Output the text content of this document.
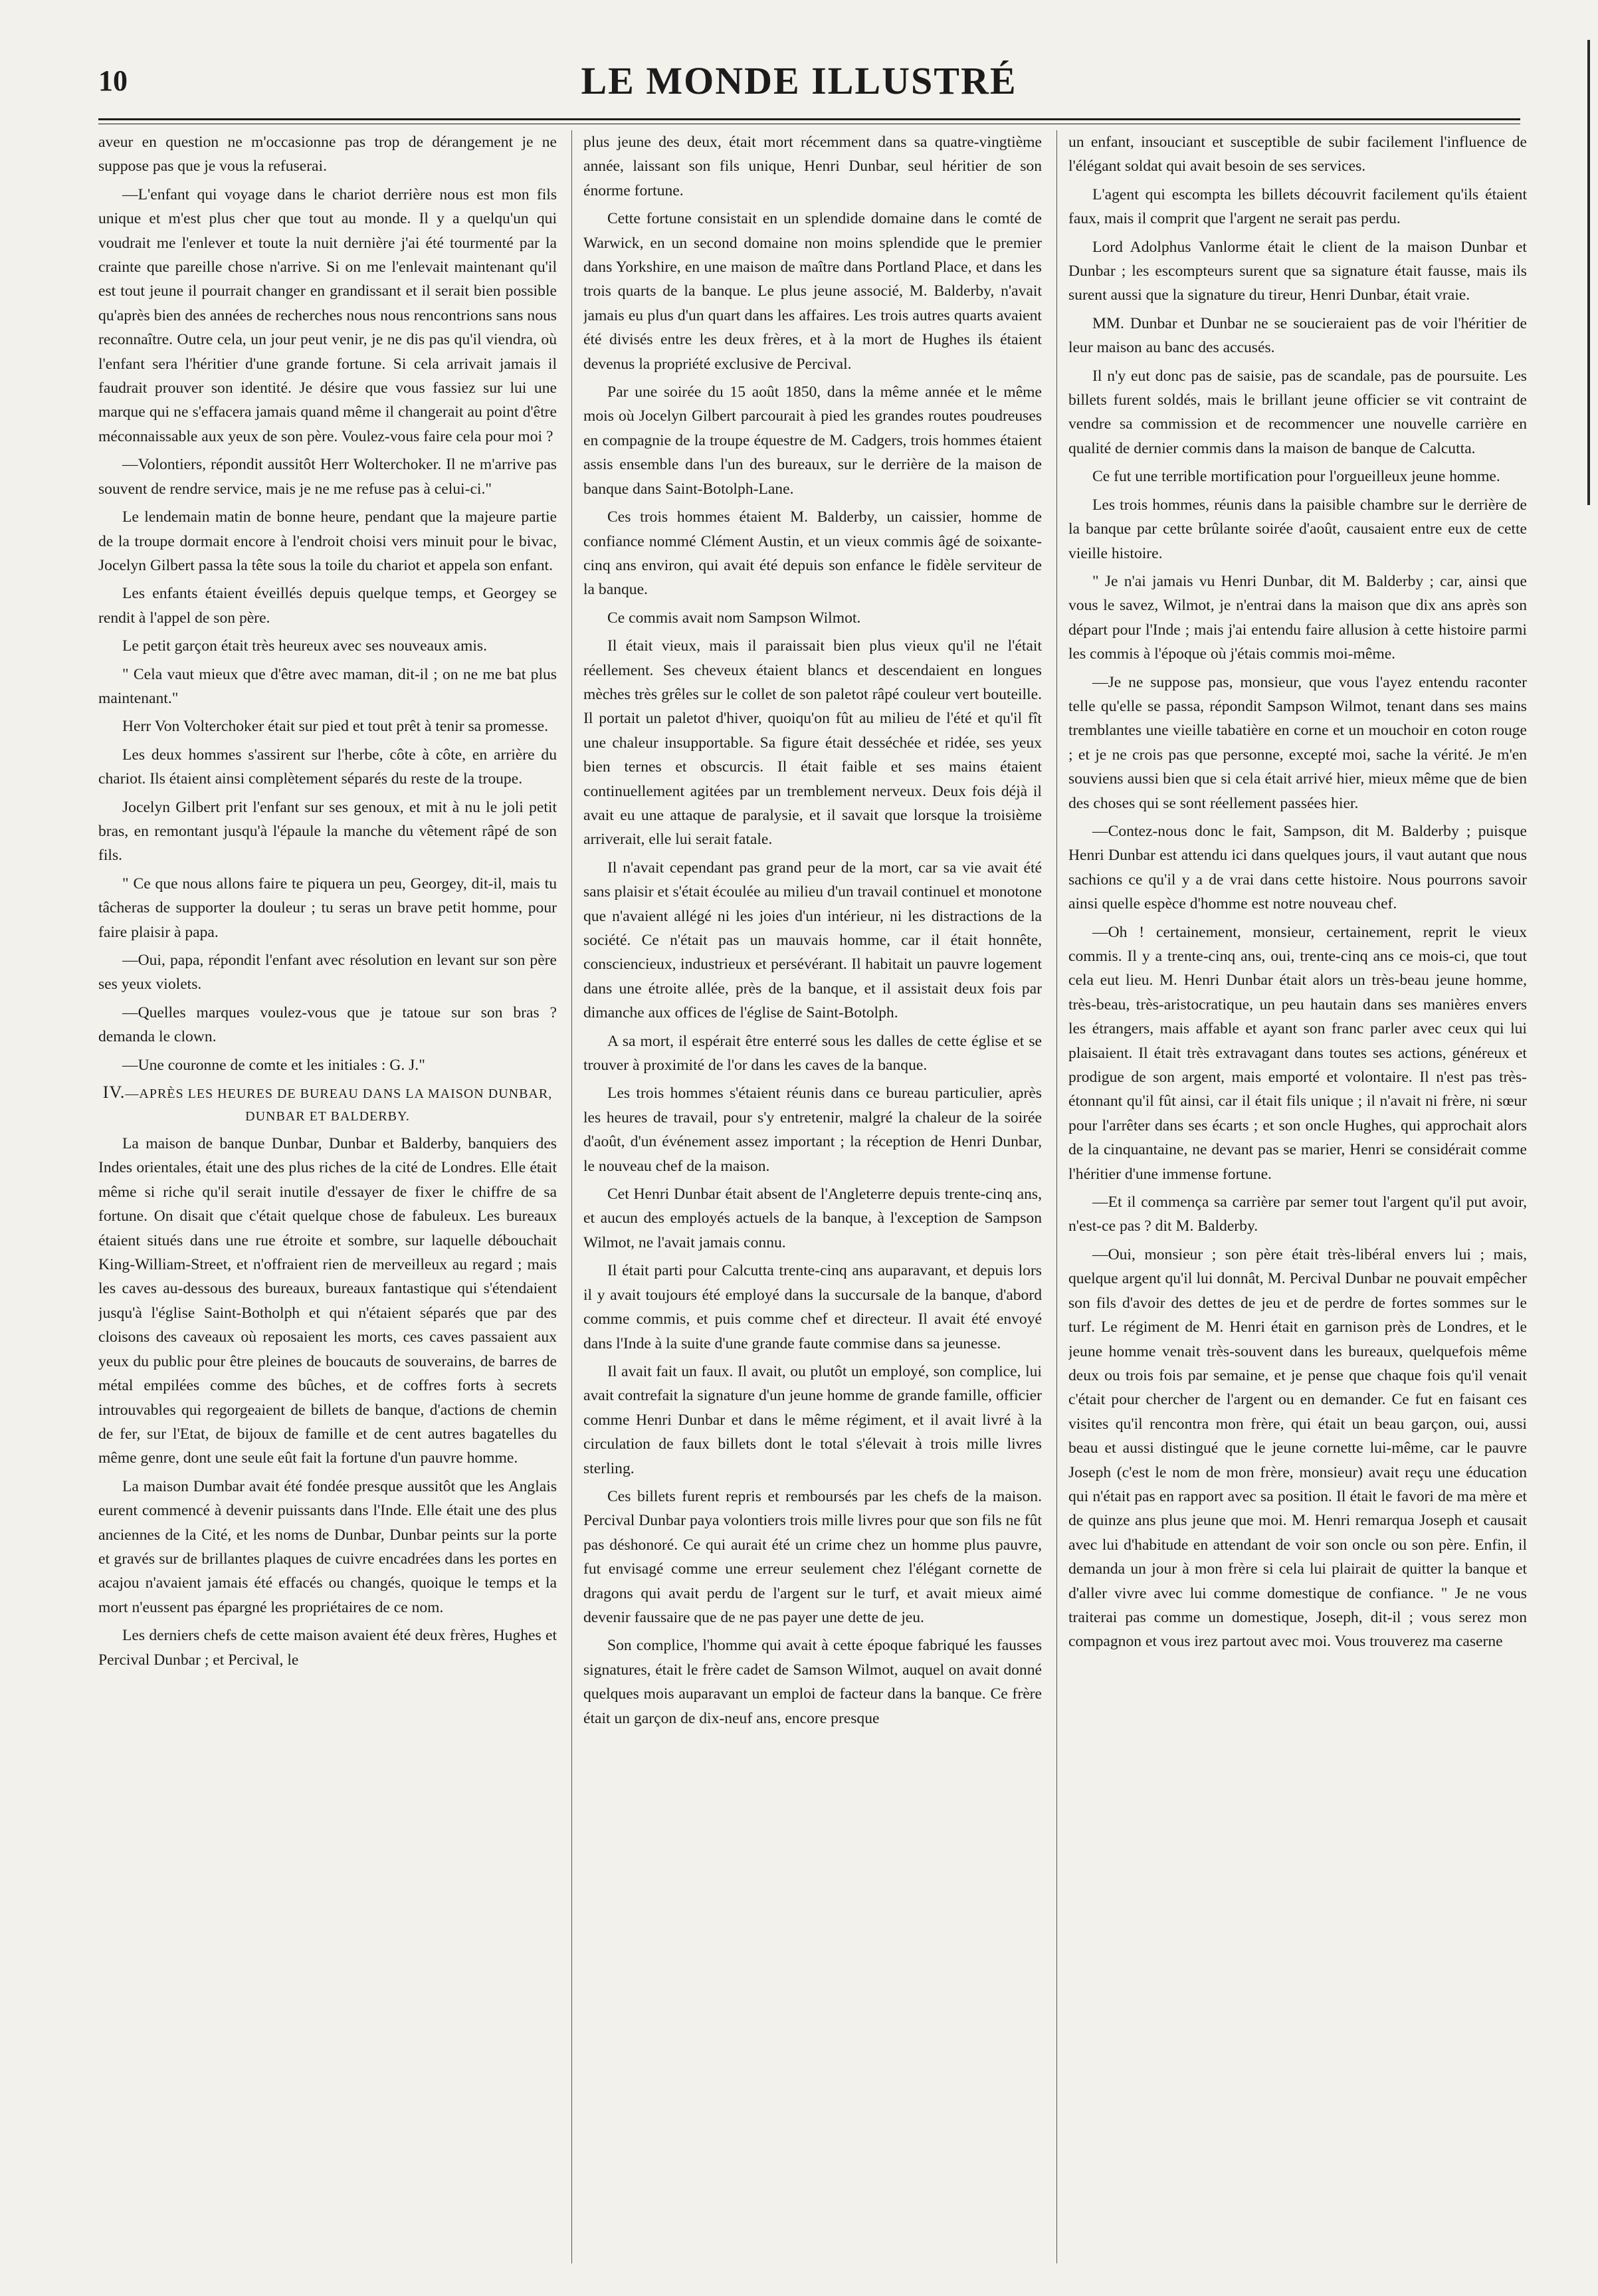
10	LE MONDE ILLUSTRÉ

aveur en question ne m'occasionne pas trop de dérangement je ne suppose pas que je vous la refuserai.

—L'enfant qui voyage dans le chariot derrière nous est mon fils unique et m'est plus cher que tout au monde. Il y a quelqu'un qui voudrait me l'enlever et toute la nuit dernière j'ai été tourmenté par la crainte que pareille chose n'arrive. Si on me l'enlevait maintenant qu'il est tout jeune il pourrait changer en grandissant et il serait bien possible qu'après bien des années de recherches nous nous rencontrions sans nous reconnaître. Outre cela, un jour peut venir, je ne dis pas qu'il viendra, où l'enfant sera l'héritier d'une grande fortune. Si cela arrivait jamais il faudrait prouver son identité. Je désire que vous fassiez sur lui une marque qui ne s'effacera jamais quand même il changerait au point d'être méconnaissable aux yeux de son père. Voulez-vous faire cela pour moi ?

—Volontiers, répondit aussitôt Herr Wolterchoker. Il ne m'arrive pas souvent de rendre service, mais je ne me refuse pas à celui-ci."

Le lendemain matin de bonne heure, pendant que la majeure partie de la troupe dormait encore à l'endroit choisi vers minuit pour le bivac, Jocelyn Gilbert passa la tête sous la toile du chariot et appela son enfant.

Les enfants étaient éveillés depuis quelque temps, et Georgey se rendit à l'appel de son père.

Le petit garçon était très heureux avec ses nouveaux amis.

" Cela vaut mieux que d'être avec maman, dit-il ; on ne me bat plus maintenant."

Herr Von Volterchoker était sur pied et tout prêt à tenir sa promesse.

Les deux hommes s'assirent sur l'herbe, côte à côte, en arrière du chariot. Ils étaient ainsi complètement séparés du reste de la troupe.

Jocelyn Gilbert prit l'enfant sur ses genoux, et mit à nu le joli petit bras, en remontant jusqu'à l'épaule la manche du vêtement râpé de son fils.

" Ce que nous allons faire te piquera un peu, Georgey, dit-il, mais tu tâcheras de supporter la douleur ; tu seras un brave petit homme, pour faire plaisir à papa.

—Oui, papa, répondit l'enfant avec résolution en levant sur son père ses yeux violets.

—Quelles marques voulez-vous que je tatoue sur son bras ? demanda le clown.

—Une couronne de comte et les initiales : G. J."

IV.—APRÈS LES HEURES DE BUREAU DANS LA MAISON DUNBAR, DUNBAR ET BALDERBY.

La maison de banque Dunbar, Dunbar et Balderby, banquiers des Indes orientales, était une des plus riches de la cité de Londres. Elle était même si riche qu'il serait inutile d'essayer de fixer le chiffre de sa fortune. On disait que c'était quelque chose de fabuleux. Les bureaux étaient situés dans une rue étroite et sombre, sur laquelle débouchait King-William-Street, et n'offraient rien de merveilleux au regard ; mais les caves au-dessous des bureaux, bureaux fantastique qui s'étendaient jusqu'à l'église Saint-Botholph et qui n'étaient séparés que par des cloisons des caveaux où reposaient les morts, ces caves passaient aux yeux du public pour être pleines de boucauts de souverains, de barres de métal empilées comme des bûches, et de coffres forts à secrets introuvables qui regorgeaient de billets de banque, d'actions de chemin de fer, sur l'Etat, de bijoux de famille et de cent autres bagatelles du même genre, dont une seule eût fait la fortune d'un pauvre homme.

La maison Dumbar avait été fondée presque aussitôt que les Anglais eurent commencé à devenir puissants dans l'Inde. Elle était une des plus anciennes de la Cité, et les noms de Dunbar, Dunbar peints sur la porte et gravés sur de brillantes plaques de cuivre encadrées dans les portes en acajou n'avaient jamais été effacés ou changés, quoique le temps et la mort n'eussent pas épargné les propriétaires de ce nom.

Les derniers chefs de cette maison avaient été deux frères, Hughes et Percival Dunbar ; et Percival, le

plus jeune des deux, était mort récemment dans sa quatre-vingtième année, laissant son fils unique, Henri Dunbar, seul héritier de son énorme fortune.

Cette fortune consistait en un splendide domaine dans le comté de Warwick, en un second domaine non moins splendide que le premier dans Yorkshire, en une maison de maître dans Portland Place, et dans les trois quarts de la banque. Le plus jeune associé, M. Balderby, n'avait jamais eu plus d'un quart dans les affaires. Les trois autres quarts avaient été divisés entre les deux frères, et à la mort de Hughes ils étaient devenus la propriété exclusive de Percival.

Par une soirée du 15 août 1850, dans la même année et le même mois où Jocelyn Gilbert parcourait à pied les grandes routes poudreuses en compagnie de la troupe équestre de M. Cadgers, trois hommes étaient assis ensemble dans l'un des bureaux, sur le derrière de la maison de banque dans Saint-Botolph-Lane.

Ces trois hommes étaient M. Balderby, un caissier, homme de confiance nommé Clément Austin, et un vieux commis âgé de soixante-cinq ans environ, qui avait été depuis son enfance le fidèle serviteur de la banque.

Ce commis avait nom Sampson Wilmot.

Il était vieux, mais il paraissait bien plus vieux qu'il ne l'était réellement. Ses cheveux étaient blancs et descendaient en longues mèches très grêles sur le collet de son paletot râpé couleur vert bouteille. Il portait un paletot d'hiver, quoiqu'on fût au milieu de l'été et qu'il fît une chaleur insupportable. Sa figure était desséchée et ridée, ses yeux bien ternes et obscurcis. Il était faible et ses mains étaient continuellement agitées par un tremblement nerveux. Deux fois déjà il avait eu une attaque de paralysie, et il savait que lorsque la troisième arriverait, elle lui serait fatale.

Il n'avait cependant pas grand peur de la mort, car sa vie avait été sans plaisir et s'était écoulée au milieu d'un travail continuel et monotone que n'avaient allégé ni les joies d'un intérieur, ni les distractions de la société. Ce n'était pas un mauvais homme, car il était honnête, consciencieux, industrieux et persévérant. Il habitait un pauvre logement dans une étroite allée, près de la banque, et il assistait deux fois par dimanche aux offices de l'église de Saint-Botolph.

A sa mort, il espérait être enterré sous les dalles de cette église et se trouver à proximité de l'or dans les caves de la banque.

Les trois hommes s'étaient réunis dans ce bureau particulier, après les heures de travail, pour s'y entretenir, malgré la chaleur de la soirée d'août, d'un événement assez important ; la réception de Henri Dunbar, le nouveau chef de la maison.

Cet Henri Dunbar était absent de l'Angleterre depuis trente-cinq ans, et aucun des employés actuels de la banque, à l'exception de Sampson Wilmot, ne l'avait jamais connu.

Il était parti pour Calcutta trente-cinq ans auparavant, et depuis lors il y avait toujours été employé dans la succursale de la banque, d'abord comme commis, et puis comme chef et directeur. Il avait été envoyé dans l'Inde à la suite d'une grande faute commise dans sa jeunesse.

Il avait fait un faux. Il avait, ou plutôt un employé, son complice, lui avait contrefait la signature d'un jeune homme de grande famille, officier comme Henri Dunbar et dans le même régiment, et il avait livré à la circulation de faux billets dont le total s'élevait à trois mille livres sterling.

Ces billets furent repris et remboursés par les chefs de la maison. Percival Dunbar paya volontiers trois mille livres pour que son fils ne fût pas déshonoré. Ce qui aurait été un crime chez un homme plus pauvre, fut envisagé comme une erreur seulement chez l'élégant cornette de dragons qui avait perdu de l'argent sur le turf, et avait mieux aimé devenir faussaire que de ne pas payer une dette de jeu.

Son complice, l'homme qui avait à cette époque fabriqué les fausses signatures, était le frère cadet de Samson Wilmot, auquel on avait donné quelques mois auparavant un emploi de facteur dans la banque. Ce frère était un garçon de dix-neuf ans, encore presque

un enfant, insouciant et susceptible de subir facilement l'influence de l'élégant soldat qui avait besoin de ses services.

L'agent qui escompta les billets découvrit facilement qu'ils étaient faux, mais il comprit que l'argent ne serait pas perdu.

Lord Adolphus Vanlorme était le client de la maison Dunbar et Dunbar ; les escompteurs surent que sa signature était fausse, mais ils surent aussi que la signature du tireur, Henri Dunbar, était vraie.

MM. Dunbar et Dunbar ne se soucieraient pas de voir l'héritier de leur maison au banc des accusés.

Il n'y eut donc pas de saisie, pas de scandale, pas de poursuite. Les billets furent soldés, mais le brillant jeune officier se vit contraint de vendre sa commission et de recommencer une nouvelle carrière en qualité de dernier commis dans la maison de banque de Calcutta.

Ce fut une terrible mortification pour l'orgueilleux jeune homme.

Les trois hommes, réunis dans la paisible chambre sur le derrière de la banque par cette brûlante soirée d'août, causaient entre eux de cette vieille histoire.

" Je n'ai jamais vu Henri Dunbar, dit M. Balderby ; car, ainsi que vous le savez, Wilmot, je n'entrai dans la maison que dix ans après son départ pour l'Inde ; mais j'ai entendu faire allusion à cette histoire parmi les commis à l'époque où j'étais commis moi-même.

—Je ne suppose pas, monsieur, que vous l'ayez entendu raconter telle qu'elle se passa, répondit Sampson Wilmot, tenant dans ses mains tremblantes une vieille tabatière en corne et un mouchoir en coton rouge ; et je ne crois pas que personne, excepté moi, sache la vérité. Je m'en souviens aussi bien que si cela était arrivé hier, mieux même que de bien des choses qui se sont réellement passées hier.

—Contez-nous donc le fait, Sampson, dit M. Balderby ; puisque Henri Dunbar est attendu ici dans quelques jours, il vaut autant que nous sachions ce qu'il y a de vrai dans cette histoire. Nous pourrons savoir ainsi quelle espèce d'homme est notre nouveau chef.

—Oh ! certainement, monsieur, certainement, reprit le vieux commis. Il y a trente-cinq ans, oui, trente-cinq ans ce mois-ci, que tout cela eut lieu. M. Henri Dunbar était alors un très-beau jeune homme, très-beau, très-aristocratique, un peu hautain dans ses manières envers les étrangers, mais affable et ayant son franc parler avec ceux qui lui plaisaient. Il était très extravagant dans toutes ses actions, généreux et prodigue de son argent, mais emporté et volontaire. Il n'est pas très-étonnant qu'il fût ainsi, car il était fils unique ; il n'avait ni frère, ni sœur pour l'arrêter dans ses écarts ; et son oncle Hughes, qui approchait alors de la cinquantaine, ne devant pas se marier, Henri se considérait comme l'héritier d'une immense fortune.

—Et il commença sa carrière par semer tout l'argent qu'il put avoir, n'est-ce pas ? dit M. Balderby.

—Oui, monsieur ; son père était très-libéral envers lui ; mais, quelque argent qu'il lui donnât, M. Percival Dunbar ne pouvait empêcher son fils d'avoir des dettes de jeu et de perdre de fortes sommes sur le turf. Le régiment de M. Henri était en garnison près de Londres, et le jeune homme venait très-souvent dans les bureaux, quelquefois même deux ou trois fois par semaine, et je pense que chaque fois qu'il venait c'était pour chercher de l'argent ou en demander. Ce fut en faisant ces visites qu'il rencontra mon frère, qui était un beau garçon, oui, aussi beau et aussi distingué que le jeune cornette lui-même, car le pauvre Joseph (c'est le nom de mon frère, monsieur) avait reçu une éducation qui n'était pas en rapport avec sa position. Il était le favori de ma mère et de quinze ans plus jeune que moi. M. Henri remarqua Joseph et causait avec lui d'habitude en attendant de voir son oncle ou son père. Enfin, il demanda un jour à mon frère si cela lui plairait de quitter la banque et d'aller vivre avec lui comme domestique de confiance. " Je ne vous traiterai pas comme un domestique, Joseph, dit-il ; vous serez mon compagnon et vous irez partout avec moi. Vous trouverez ma caserne
